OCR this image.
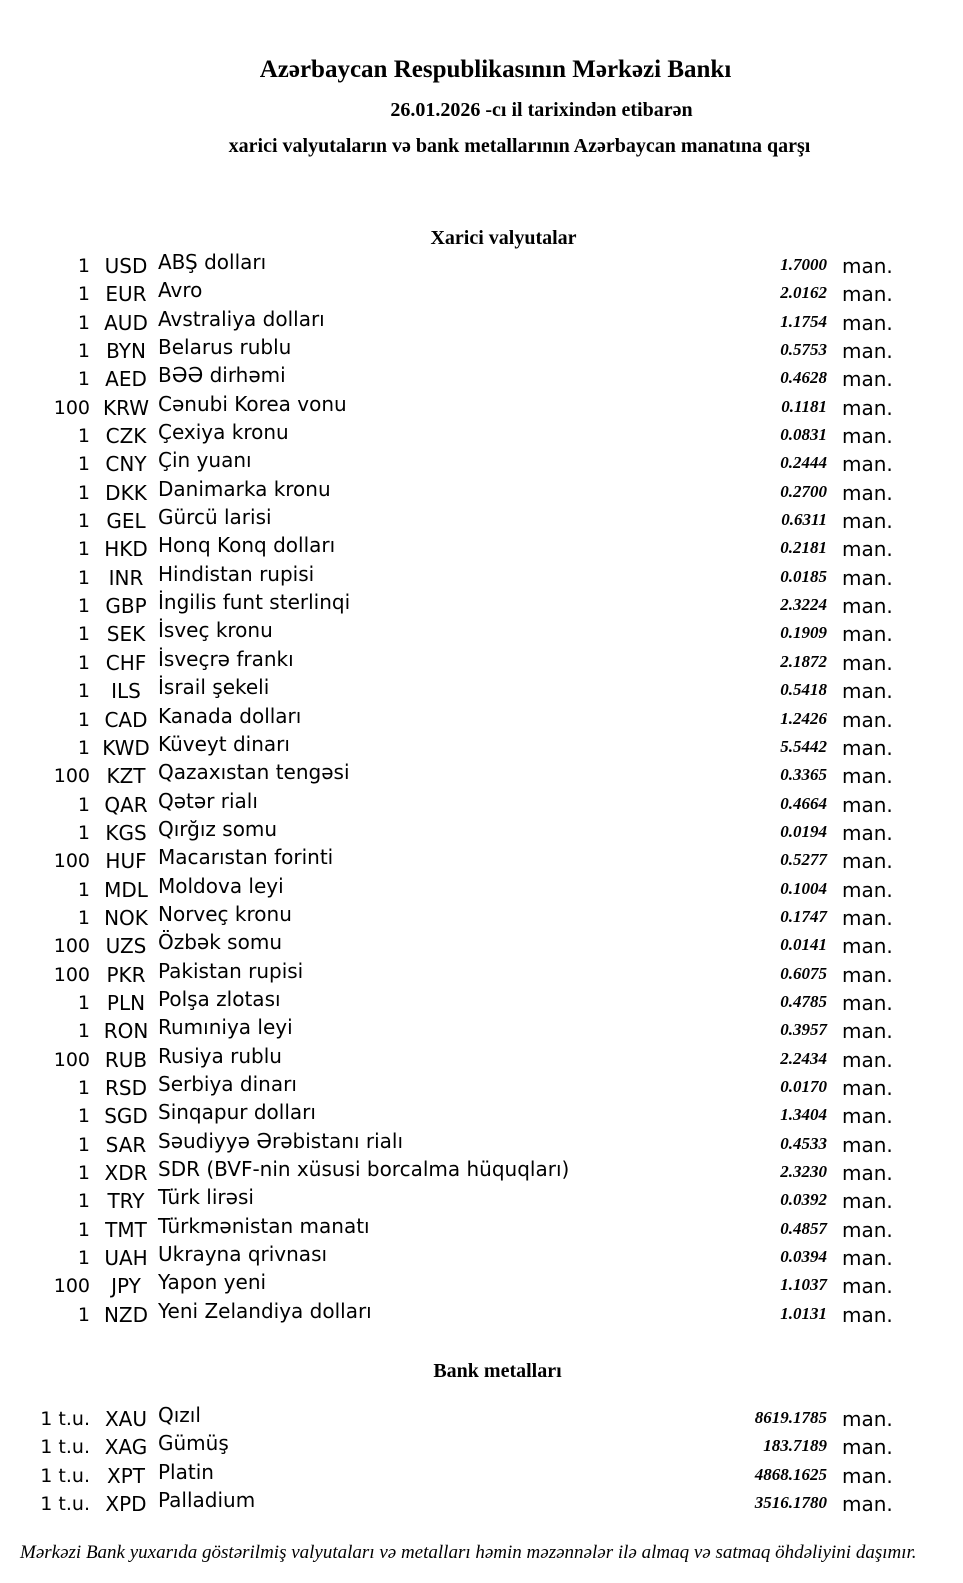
Azərbaycan Respublikasının Mərkəzi Bankı
26.01.2026 -cı il tarixindən etibarən
xarici valyutaların və bank metallarının Azərbaycan manatına qarşı
Xarici valyutalar
1 USD ABŞ dolları	1.7000 man.
1 EUR Avro	2.0162 man.
1 AUD Avstraliya dolları	1.1754 man.
1 BYN Belarus rublu	0.5753 man.
1 AED BƏƏ dirhəmi	0.4628 man.
100 KRW Cənubi Korea vonu	0.1181 man.
1 CZK Çexiya kronu	0.0831 man.
1 CNY Çin yuanı	0.2444 man.
1 DKK Danimarka kronu	0.2700 man.
1 GEL Gürcü larisi	0.6311 man.
1 HKD Honq Konq dolları	0.2181 man.
1 INR Hindistan rupisi	0.0185 man.
1 GBP İngilis funt sterlinqi	2.3224 man.
1 SEK İsveç kronu	0.1909 man.
1 CHF İsveçrə frankı	2.1872 man.
1	ILS İsrail şekeli	0.5418 man.
1 CAD Kanada dolları	1.2426 man.
1 KWD Küveyt dinarı	5.5442 man.
100 KZT Qazaxıstan tengəsi	0.3365 man.
1 QAR Qətər rialı	0.4664 man.
1 KGS Qırğız somu	0.0194 man.
100 HUF Macarıstan forinti	0.5277 man.
1 MDL Moldova leyi	0.1004 man.
1 NOK Norveç kronu	0.1747 man.
100 UZS Özbək somu	0.0141 man.
100 PKR Pakistan rupisi	0.6075 man.
1 PLN Polşa zlotası	0.4785 man.
1 RON Rumıniya leyi	0.3957 man.
100 RUB Rusiya rublu	2.2434 man.
1 RSD Serbiya dinarı	0.0170 man.
1 SGD Sinqapur dolları	1.3404 man.
1 SAR Səudiyyə Ərəbistanı rialı	0.4533 man.
1 XDR SDR (BVF-nin xüsusi borcalma hüquqları)	2.3230 man.
1 TRY Türk lirəsi	0.0392 man.
1 TMT Türkmənistan manatı	0.4857 man.
1 UAH Ukrayna qrivnası	0.0394 man.
100	JPY Yapon yeni	1.1037 man.
1 NZD Yeni Zelandiya dolları	1.0131 man.
Bank metalları
1 t.u. XAU Qızıl	8619.1785 man.
1 t.u. XAG Gümüş	183.7189 man.
1 t.u. XPT Platin	4868.1625 man.
1 t.u. XPD Palladium	3516.1780 man.
Mərkəzi Bank yuxarıda göstərilmiş valyutaları və metalları həmin məzənnələr ilə almaq və satmaq öhdəliyini daşımır.
